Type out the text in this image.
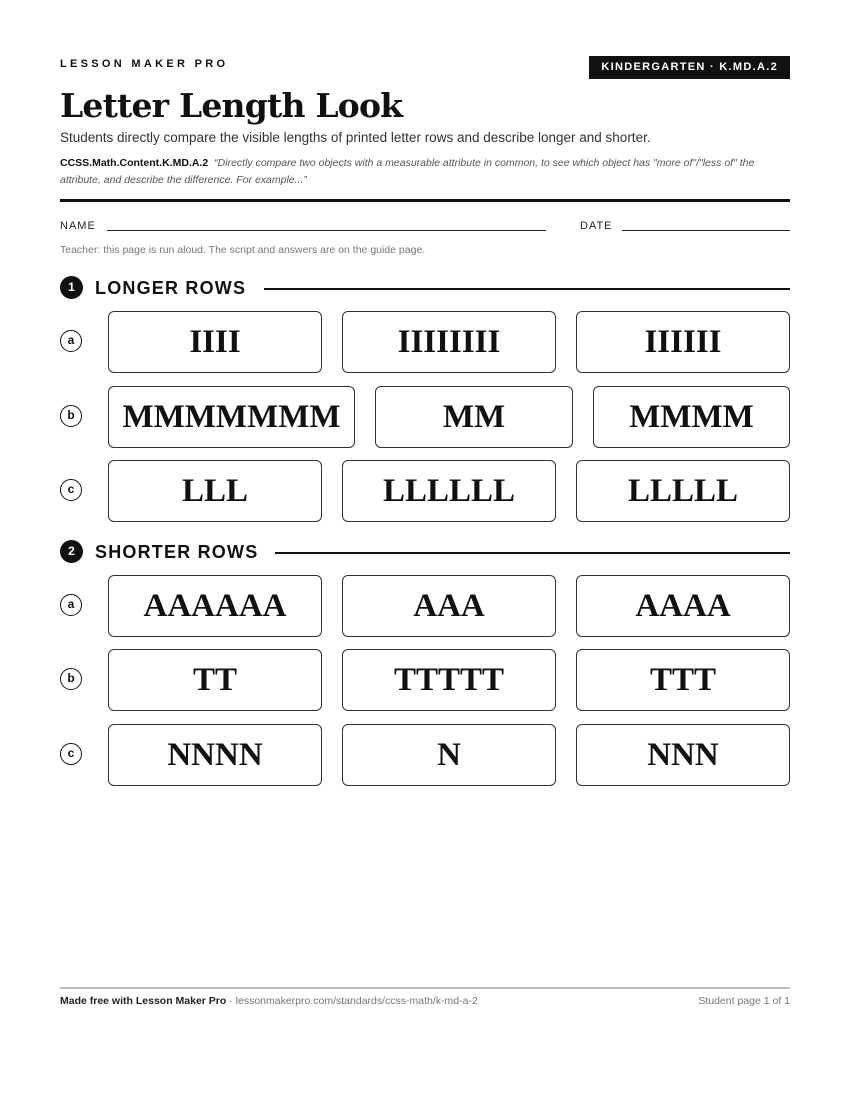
LESSON MAKER PRO	KINDERGARTEN · K.MD.A.2
Letter Length Look
Students directly compare the visible lengths of printed letter rows and describe longer and shorter.
CCSS.Math.Content.K.MD.A.2 “Directly compare two objects with a measurable attribute in common, to see which object has "more of"/"less of" the attribute, and describe the difference. For example...”
NAME	DATE
Teacher: this page is run aloud. The script and answers are on the guide page.
1	LONGER ROWS
a	IIII	IIIIIIII	IIIIII
b	MMMMMMM	MM	MMMM
c	LLL	LLLLLL	LLLLL
2	SHORTER ROWS
a	AAAAAA	AAA	AAAA
b	TT	TTTTT	TTT
c	NNNN	N	NNN
Made free with Lesson Maker Pro · lessonmakerpro.com/standards/ccss-math/k-md-a-2	Student page 1 of 1
